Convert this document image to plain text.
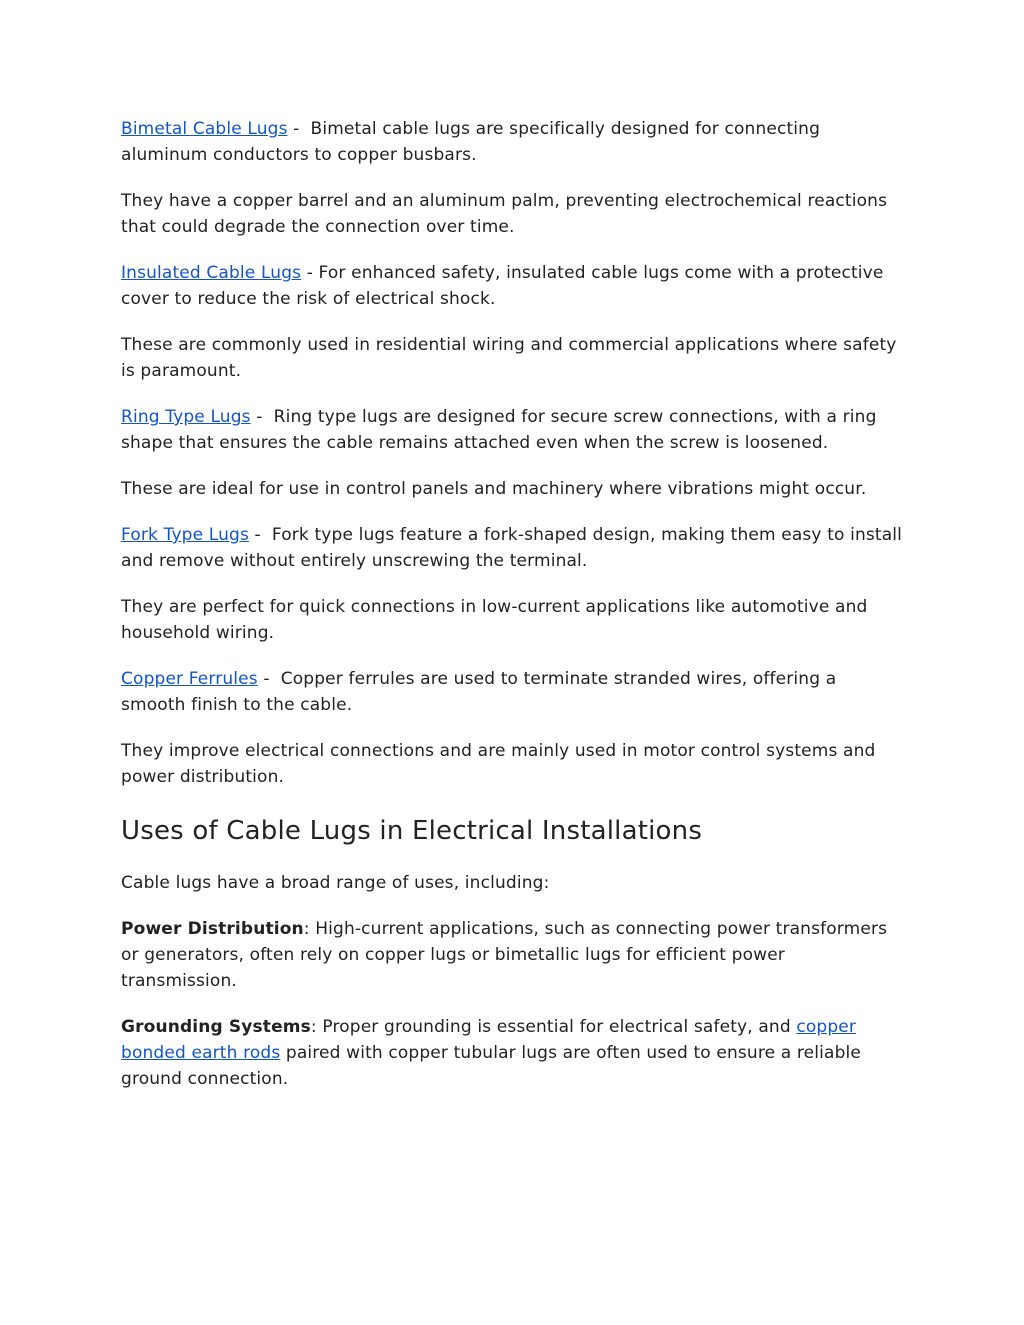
Bimetal Cable Lugs -  Bimetal cable lugs are specifically designed for connecting aluminum conductors to copper busbars.

They have a copper barrel and an aluminum palm, preventing electrochemical reactions that could degrade the connection over time.

Insulated Cable Lugs - For enhanced safety, insulated cable lugs come with a protective cover to reduce the risk of electrical shock.

These are commonly used in residential wiring and commercial applications where safety is paramount.

Ring Type Lugs -  Ring type lugs are designed for secure screw connections, with a ring shape that ensures the cable remains attached even when the screw is loosened.

These are ideal for use in control panels and machinery where vibrations might occur.

Fork Type Lugs -  Fork type lugs feature a fork-shaped design, making them easy to install and remove without entirely unscrewing the terminal.

They are perfect for quick connections in low-current applications like automotive and household wiring.

Copper Ferrules -  Copper ferrules are used to terminate stranded wires, offering a smooth finish to the cable.

They improve electrical connections and are mainly used in motor control systems and power distribution.

Uses of Cable Lugs in Electrical Installations

Cable lugs have a broad range of uses, including:

Power Distribution: High-current applications, such as connecting power transformers or generators, often rely on copper lugs or bimetallic lugs for efficient power transmission.

Grounding Systems: Proper grounding is essential for electrical safety, and copper bonded earth rods paired with copper tubular lugs are often used to ensure a reliable ground connection.
